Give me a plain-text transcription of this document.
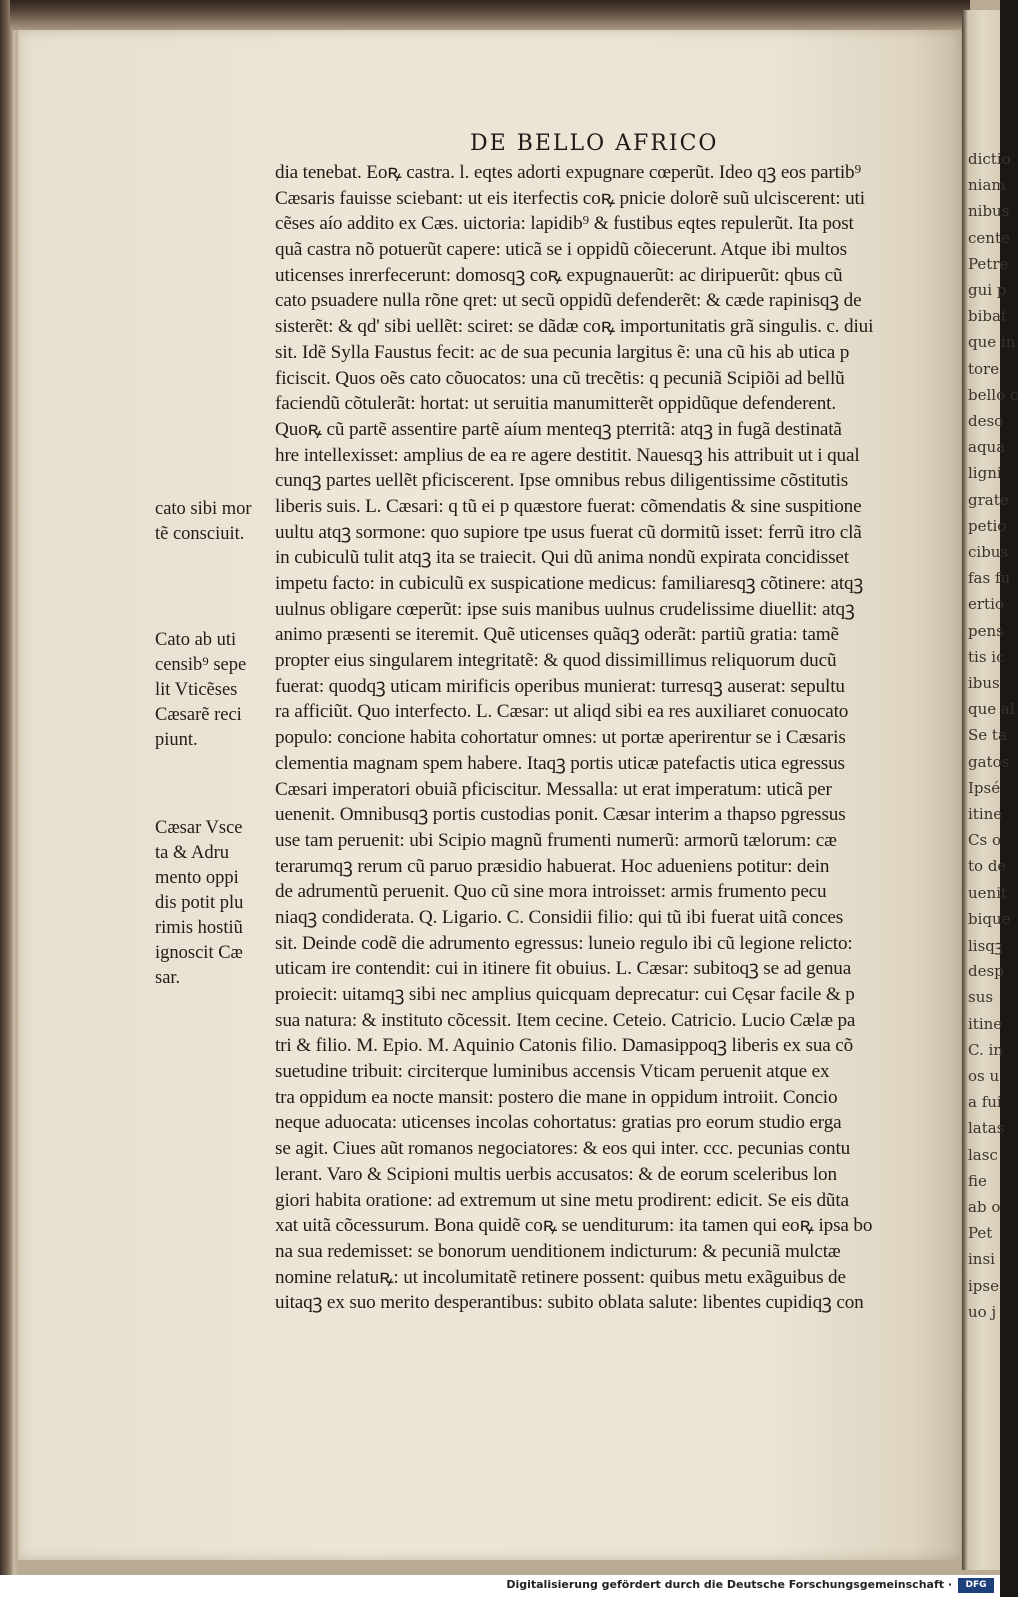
dictio
niam
nibus
cente
Petre
gui p
bibat
que in
tore
bello c
deso
aqua
ligni
grate
petio
cibus
fas fu
ertio
pens
tis ic
ibus
que al
Se ta
gatos
Ipsé
itine
Cs o
to de
uenit
bique
lisqꝫ
desp
sus
itine
C. in
os u
a fui
latas
lasc
fie
ab o
Pet
insi
ipse
uo j
DE BELLO AFRICO
dia tenebat. Eoꝶ castra. l. eqtes adorti expugnare cœperũt. Ideo qꝫ eos partib⁹
Cæsaris fauisse sciebant: ut eis iterfectis coꝶ pnicie dolorẽ suũ ulciscerent: uti
cẽses aío addito ex Cæs. uictoria: lapidib⁹ & fustibus eqtes repulerũt. Ita post
quã castra nõ potuerũt capere: uticã se i oppidũ cõiecerunt. Atque ibi multos
uticenses inrerfecerunt: domosqꝫ coꝶ expugnauerũt: ac diripuerũt: qbus cũ
cato psuadere nulla rõne qret: ut secũ oppidũ defenderẽt: & cæde rapinisqꝫ de
sisterẽt: & qd' sibi uellẽt: sciret: se dãdæ coꝶ importunitatis grã singulis. c. diui
sit. Idẽ Sylla Faustus fecit: ac de sua pecunia largitus ẽ: una cũ his ab utica p
ficiscit. Quos oẽs cato cõuocatos: una cũ trecẽtis: q pecuniã Scipiõi ad bellũ
faciendũ cõtulerãt: hortat: ut seruitia manumitterẽt oppidũque defenderent.
Quoꝶ cũ partẽ assentire partẽ aíum menteqꝫ pterritã: atqꝫ in fugã destinatã
hre intellexisset: amplius de ea re agere destitit. Nauesqꝫ his attribuit ut i qual
cunqꝫ partes uellẽt pficiscerent. Ipse omnibus rebus diligentissime cõstitutis
liberis suis. L. Cæsari: q tũ ei p quæstore fuerat: cõmendatis & sine suspitione
uultu atqꝫ sormone: quo supiore tpe usus fuerat cũ dormitũ isset: ferrũ itro clã
in cubiculũ tulit atqꝫ ita se traiecit. Qui dũ anima nondũ expirata concidisset
impetu facto: in cubiculũ ex suspicatione medicus: familiaresqꝫ cõtinere: atqꝫ
uulnus obligare cœperũt: ipse suis manibus uulnus crudelissime diuellit: atqꝫ
animo præsenti se iteremit. Quẽ uticenses quãqꝫ oderãt: partiũ gratia: tamẽ
propter eius singularem integritatẽ: & quod dissimillimus reliquorum ducũ
fuerat: quodqꝫ uticam mirificis operibus munierat: turresqꝫ auserat: sepultu
ra afficiũt. Quo interfecto. L. Cæsar: ut aliqd sibi ea res auxiliaret conuocato
populo: concione habita cohortatur omnes: ut portæ aperirentur se i Cæsaris
clementia magnam spem habere. Itaqꝫ portis uticæ patefactis utica egressus
Cæsari imperatori obuiã pficiscitur. Messalla: ut erat imperatum: uticã per
uenenit. Omnibusqꝫ portis custodias ponit. Cæsar interim a thapso pgressus
use tam peruenit: ubi Scipio magnũ frumenti numerũ: armorũ tælorum: cæ
terarumqꝫ rerum cũ paruo præsidio habuerat. Hoc adueniens potitur: dein
de adrumentũ peruenit. Quo cũ sine mora introisset: armis frumento pecu
niaqꝫ condiderata. Q. Ligario. C. Considii filio: qui tũ ibi fuerat uitã conces
sit. Deinde codẽ die adrumento egressus: luneio regulo ibi cũ legione relicto:
uticam ire contendit: cui in itinere fit obuius. L. Cæsar: subitoqꝫ se ad genua
proiecit: uitamqꝫ sibi nec amplius quicquam deprecatur: cui Cęsar facile & p
sua natura: & instituto cõcessit. Item cecine. Ceteio. Catricio. Lucio Cælæ pa
tri & filio. M. Epio. M. Aquinio Catonis filio. Damasippoqꝫ liberis ex sua cõ
suetudine tribuit: circiterque luminibus accensis Vticam peruenit atque ex
tra oppidum ea nocte mansit: postero die mane in oppidum introiit. Concio
neque aduocata: uticenses incolas cohortatus: gratias pro eorum studio erga
se agit. Ciues aũt romanos negociatores: & eos qui inter. ccc. pecunias contu
lerant. Varo & Scipioni multis uerbis accusatos: & de eorum sceleribus lon
giori habita oratione: ad extremum ut sine metu prodirent: edicit. Se eis dũta
xat uitã cõcessurum. Bona quidẽ coꝶ se uenditurum: ita tamen qui eoꝶ ipsa bo
na sua redemisset: se bonorum uenditionem indicturum: & pecuniã mulctæ
nomine relatuꝶ: ut incolumitatẽ retinere possent: quibus metu exãguibus de
uitaqꝫ ex suo merito desperantibus: subito oblata salute: libentes cupidiqꝫ con
cato sibi mor
tẽ consciuit.
Cato ab uti
censib⁹ sepe
lit Vticẽses
Cæsarẽ reci
piunt.
Cæsar Vsce
ta & Adru
mento oppi
dis potit plu
rimis hostiũ
ignoscit Cæ
sar.
Digitalisierung gefördert durch die Deutsche Forschungsgemeinschaft ·	DFG
